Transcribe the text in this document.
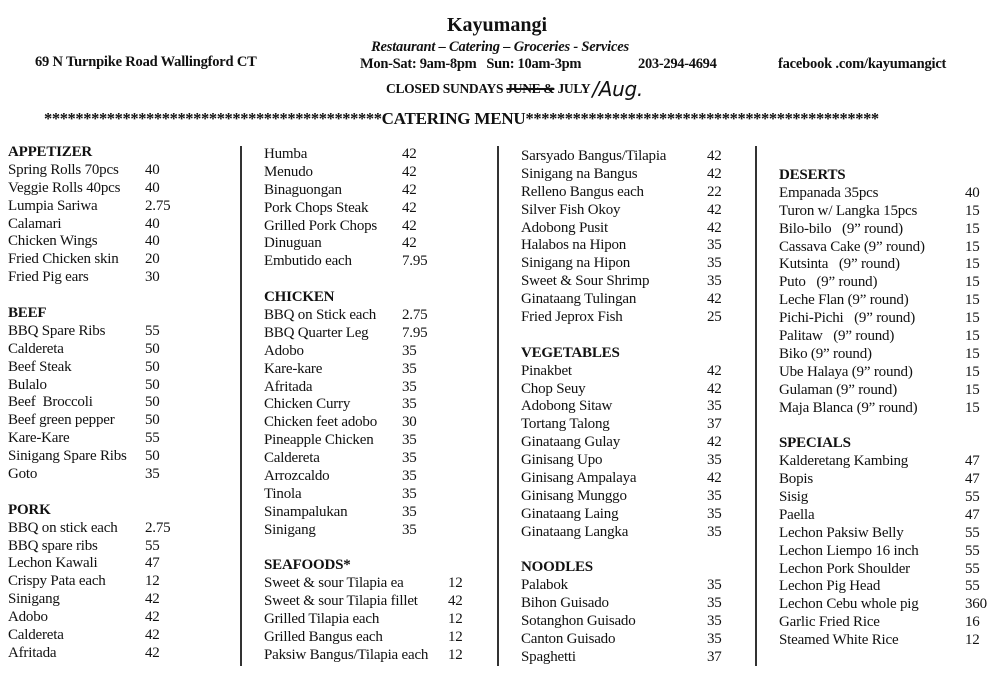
Kayumangi
Restaurant – Catering – Groceries - Services
69 N Turnpike Road Wallingford CT	Mon-Sat: 9am-8pm   Sun: 10am-3pm	203-294-4694	facebook .com/kayumangict
CLOSED SUNDAYS JUNE & JULY /Aug.
*******************************************CATERING MENU*********************************************
APPETIZER
Spring Rolls 70pcs	40
Veggie Rolls 40pcs	40
Lumpia Sariwa	2.75
Calamari	40
Chicken Wings	40
Fried Chicken skin	20
Fried Pig ears	30
BEEF
BBQ Spare Ribs	55
Caldereta	50
Beef Steak	50
Bulalo	50
Beef  Broccoli	50
Beef green pepper	50
Kare-Kare	55
Sinigang Spare Ribs	50
Goto	35
PORK
BBQ on stick each	2.75
BBQ spare ribs	55
Lechon Kawali	47
Crispy Pata each	12
Sinigang	42
Adobo	42
Caldereta	42
Afritada	42
Humba	42
Menudo	42
Binaguongan	42
Pork Chops Steak	42
Grilled Pork Chops	42
Dinuguan	42
Embutido each	7.95
CHICKEN
BBQ on Stick each	2.75
BBQ Quarter Leg	7.95
Adobo	35
Kare-kare	35
Afritada	35
Chicken Curry	35
Chicken feet adobo	30
Pineapple Chicken	35
Caldereta	35
Arrozcaldo	35
Tinola	35
Sinampalukan	35
Sinigang	35
SEAFOODS*
Sweet & sour Tilapia ea	12
Sweet & sour Tilapia fillet	42
Grilled Tilapia each	12
Grilled Bangus each	12
Paksiw Bangus/Tilapia each	12
Sarsyado Bangus/Tilapia	42
Sinigang na Bangus	42
Relleno Bangus each	22
Silver Fish Okoy	42
Adobong Pusit	42
Halabos na Hipon	35
Sinigang na Hipon	35
Sweet & Sour Shrimp	35
Ginataang Tulingan	42
Fried Jeprox Fish	25
VEGETABLES
Pinakbet	42
Chop Seuy	42
Adobong Sitaw	35
Tortang Talong	37
Ginataang Gulay	42
Ginisang Upo	35
Ginisang Ampalaya	42
Ginisang Munggo	35
Ginataang Laing	35
Ginataang Langka	35
NOODLES
Palabok	35
Bihon Guisado	35
Sotanghon Guisado	35
Canton Guisado	35
Spaghetti	37
DESERTS
Empanada 35pcs	40
Turon w/ Langka 15pcs	15
Bilo-bilo   (9” round)	15
Cassava Cake (9” round)	15
Kutsinta   (9” round)	15
Puto   (9” round)	15
Leche Flan (9” round)	15
Pichi-Pichi   (9” round)	15
Palitaw   (9” round)	15
Biko (9” round)	15
Ube Halaya (9” round)	15
Gulaman (9” round)	15
Maja Blanca (9” round)	15
SPECIALS
Kalderetang Kambing	47
Bopis	47
Sisig	55
Paella	47
Lechon Paksiw Belly	55
Lechon Liempo 16 inch	55
Lechon Pork Shoulder	55
Lechon Pig Head	55
Lechon Cebu whole pig	360
Garlic Fried Rice	16
Steamed White Rice	12
